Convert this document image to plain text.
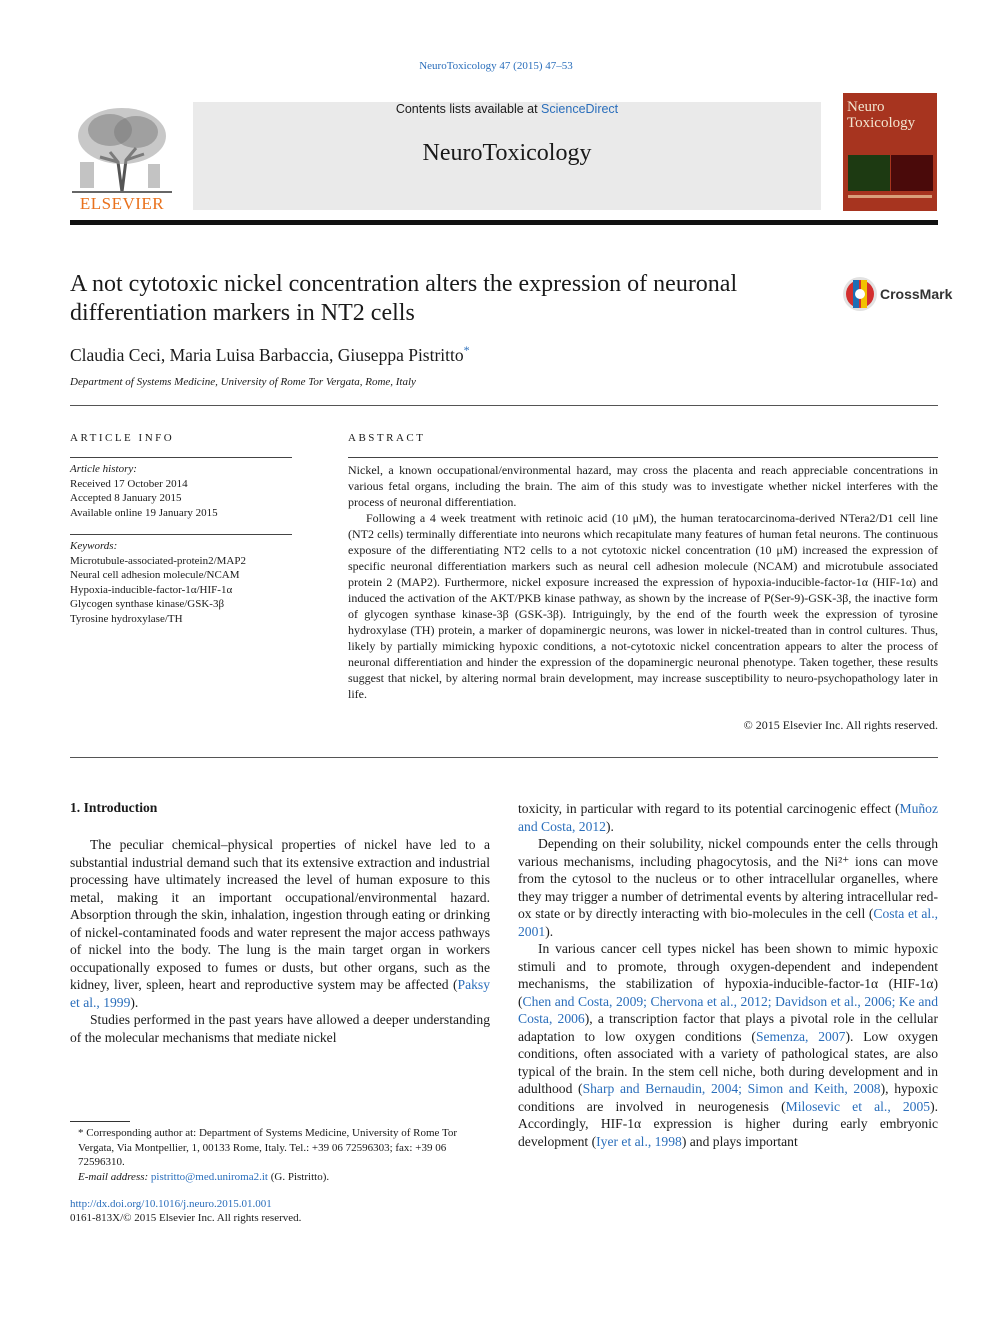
NeuroToxicology 47 (2015) 47–53
ELSEVIER
Contents lists available at ScienceDirect
NeuroToxicology
Neuro
Toxicology
A not cytotoxic nickel concentration alters the expression of neuronal differentiation markers in NT2 cells
CrossMark
Claudia Ceci, Maria Luisa Barbaccia, Giuseppa Pistritto*
Department of Systems Medicine, University of Rome Tor Vergata, Rome, Italy
ARTICLE INFO
Article history:
Received 17 October 2014
Accepted 8 January 2015
Available online 19 January 2015
Keywords:
Microtubule-associated-protein2/MAP2
Neural cell adhesion molecule/NCAM
Hypoxia-inducible-factor-1α/HIF-1α
Glycogen synthase kinase/GSK-3β
Tyrosine hydroxylase/TH
ABSTRACT

Nickel, a known occupational/environmental hazard, may cross the placenta and reach appreciable concentrations in various fetal organs, including the brain. The aim of this study was to investigate whether nickel interferes with the process of neuronal differentiation.

Following a 4 week treatment with retinoic acid (10 μM), the human teratocarcinoma-derived NTera2/D1 cell line (NT2 cells) terminally differentiate into neurons which recapitulate many features of human fetal neurons. The continuous exposure of the differentiating NT2 cells to a not cytotoxic nickel concentration (10 μM) increased the expression of specific neuronal differentiation markers such as neural cell adhesion molecule (NCAM) and microtubule associated protein 2 (MAP2). Furthermore, nickel exposure increased the expression of hypoxia-inducible-factor-1α (HIF-1α) and induced the activation of the AKT/PKB kinase pathway, as shown by the increase of P(Ser-9)-GSK-3β, the inactive form of glycogen synthase kinase-3β (GSK-3β). Intriguingly, by the end of the fourth week the expression of tyrosine hydroxylase (TH) protein, a marker of dopaminergic neurons, was lower in nickel-treated than in control cultures. Thus, likely by partially mimicking hypoxic conditions, a not-cytotoxic nickel concentration appears to alter the process of neuronal differentiation and hinder the expression of the dopaminergic neuronal phenotype. Taken together, these results suggest that nickel, by altering normal brain development, may increase susceptibility to neuro-psychopathology later in life.

© 2015 Elsevier Inc. All rights reserved.
1. Introduction

The peculiar chemical–physical properties of nickel have led to a substantial industrial demand such that its extensive extraction and industrial processing have ultimately increased the level of human exposure to this metal, making it an important occupational/environmental hazard. Absorption through the skin, inhalation, ingestion through eating or drinking of nickel-contaminated foods and water represent the major access pathways of nickel into the body. The lung is the main target organ in workers occupationally exposed to fumes or dusts, but other organs, such as the kidney, liver, spleen, heart and reproductive system may be affected (Paksy et al., 1999).

Studies performed in the past years have allowed a deeper understanding of the molecular mechanisms that mediate nickel

toxicity, in particular with regard to its potential carcinogenic effect (Muñoz and Costa, 2012).

Depending on their solubility, nickel compounds enter the cells through various mechanisms, including phagocytosis, and the Ni²⁺ ions can move from the cytosol to the nucleus or to other intracellular organelles, where they may trigger a number of detrimental events by altering intracellular red-ox state or by directly interacting with bio-molecules in the cell (Costa et al., 2001).

In various cancer cell types nickel has been shown to mimic hypoxic stimuli and to promote, through oxygen-dependent and independent mechanisms, the stabilization of hypoxia-inducible-factor-1α (HIF-1α) (Chen and Costa, 2009; Chervona et al., 2012; Davidson et al., 2006; Ke and Costa, 2006), a transcription factor that plays a pivotal role in the cellular adaptation to low oxygen conditions (Semenza, 2007). Low oxygen conditions, often associated with a variety of pathological states, are also typical of the brain. In the stem cell niche, both during development and in adulthood (Sharp and Bernaudin, 2004; Simon and Keith, 2008), hypoxic conditions are involved in neurogenesis (Milosevic et al., 2005). Accordingly, HIF-1α expression is higher during early embryonic development (Iyer et al., 1998) and plays important

* Corresponding author at: Department of Systems Medicine, University of Rome Tor Vergata, Via Montpellier, 1, 00133 Rome, Italy. Tel.: +39 06 72596303; fax: +39 06 72596310.

E-mail address: pistritto@med.uniroma2.it (G. Pistritto).

http://dx.doi.org/10.1016/j.neuro.2015.01.001
0161-813X/© 2015 Elsevier Inc. All rights reserved.
